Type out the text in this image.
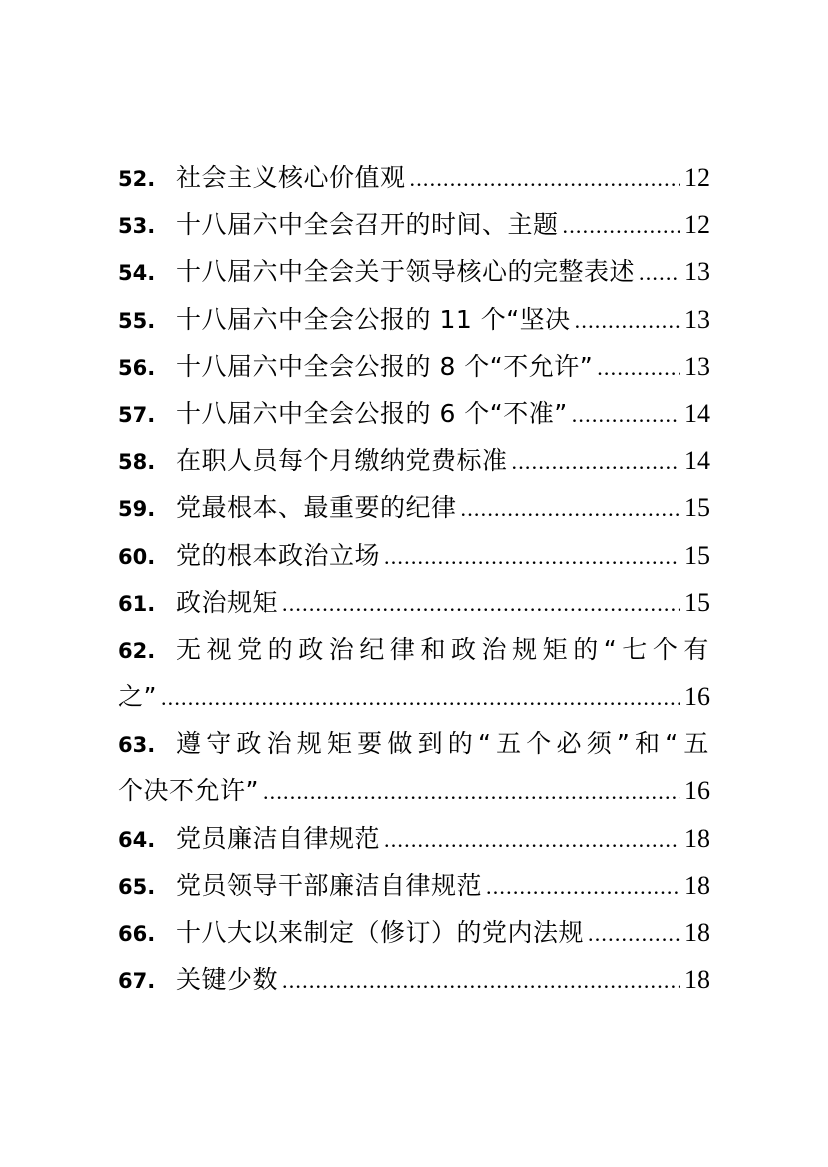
52. 社会主义核心价值观 .....	12
53. 十八届六中全会召开的时间、主题 .....	12
54. 十八届六中全会关于领导核心的完整表述 ..... 13
55. 十八届六中全会公报的 11 个“坚决 .....	13
56. 十八届六中全会公报的 8 个“不允许” .....	13
57. 十八届六中全会公报的 6 个“不准” .....	14
58. 在职人员每个月缴纳党费标准 .....	14
59. 党最根本、最重要的纪律 .....	15
60. 党的根本政治立场 .....	15
61. 政治规矩 .....	15
62. 无视党的政治纪律和政治规矩的“七个有
之” .....	16
63. 遵守政治规矩要做到的“五个必须”和“五
个决不允许” .....	16
64. 党员廉洁自律规范 .....	18
65. 党员领导干部廉洁自律规范 .....	18
66. 十八大以来制定（修订）的党内法规 .....	18
67. 关键少数 .....	18
